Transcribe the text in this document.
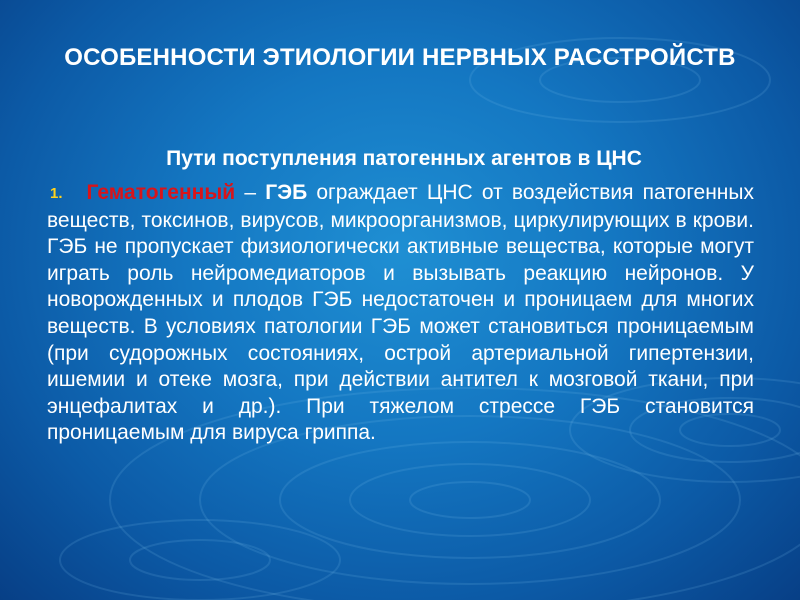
ОСОБЕННОСТИ ЭТИОЛОГИИ НЕРВНЫХ РАССТРОЙСТВ
Пути поступления патогенных агентов в ЦНС

1. Гематогенный – ГЭБ ограждает ЦНС от воздействия патогенных веществ, токсинов, вирусов, микроорганизмов, циркулирующих в крови. ГЭБ не пропускает физиологически активные вещества, которые могут играть роль нейромедиаторов и вызывать реакцию нейронов. У новорожденных и плодов ГЭБ недостаточен и проницаем для многих веществ. В условиях патологии ГЭБ может становиться проницаемым (при судорожных состояниях, острой артериальной гипертензии, ишемии и отеке мозга, при действии антител к мозговой ткани, при энцефалитах и др.). При тяжелом стрессе ГЭБ становится проницаемым для вируса гриппа.
